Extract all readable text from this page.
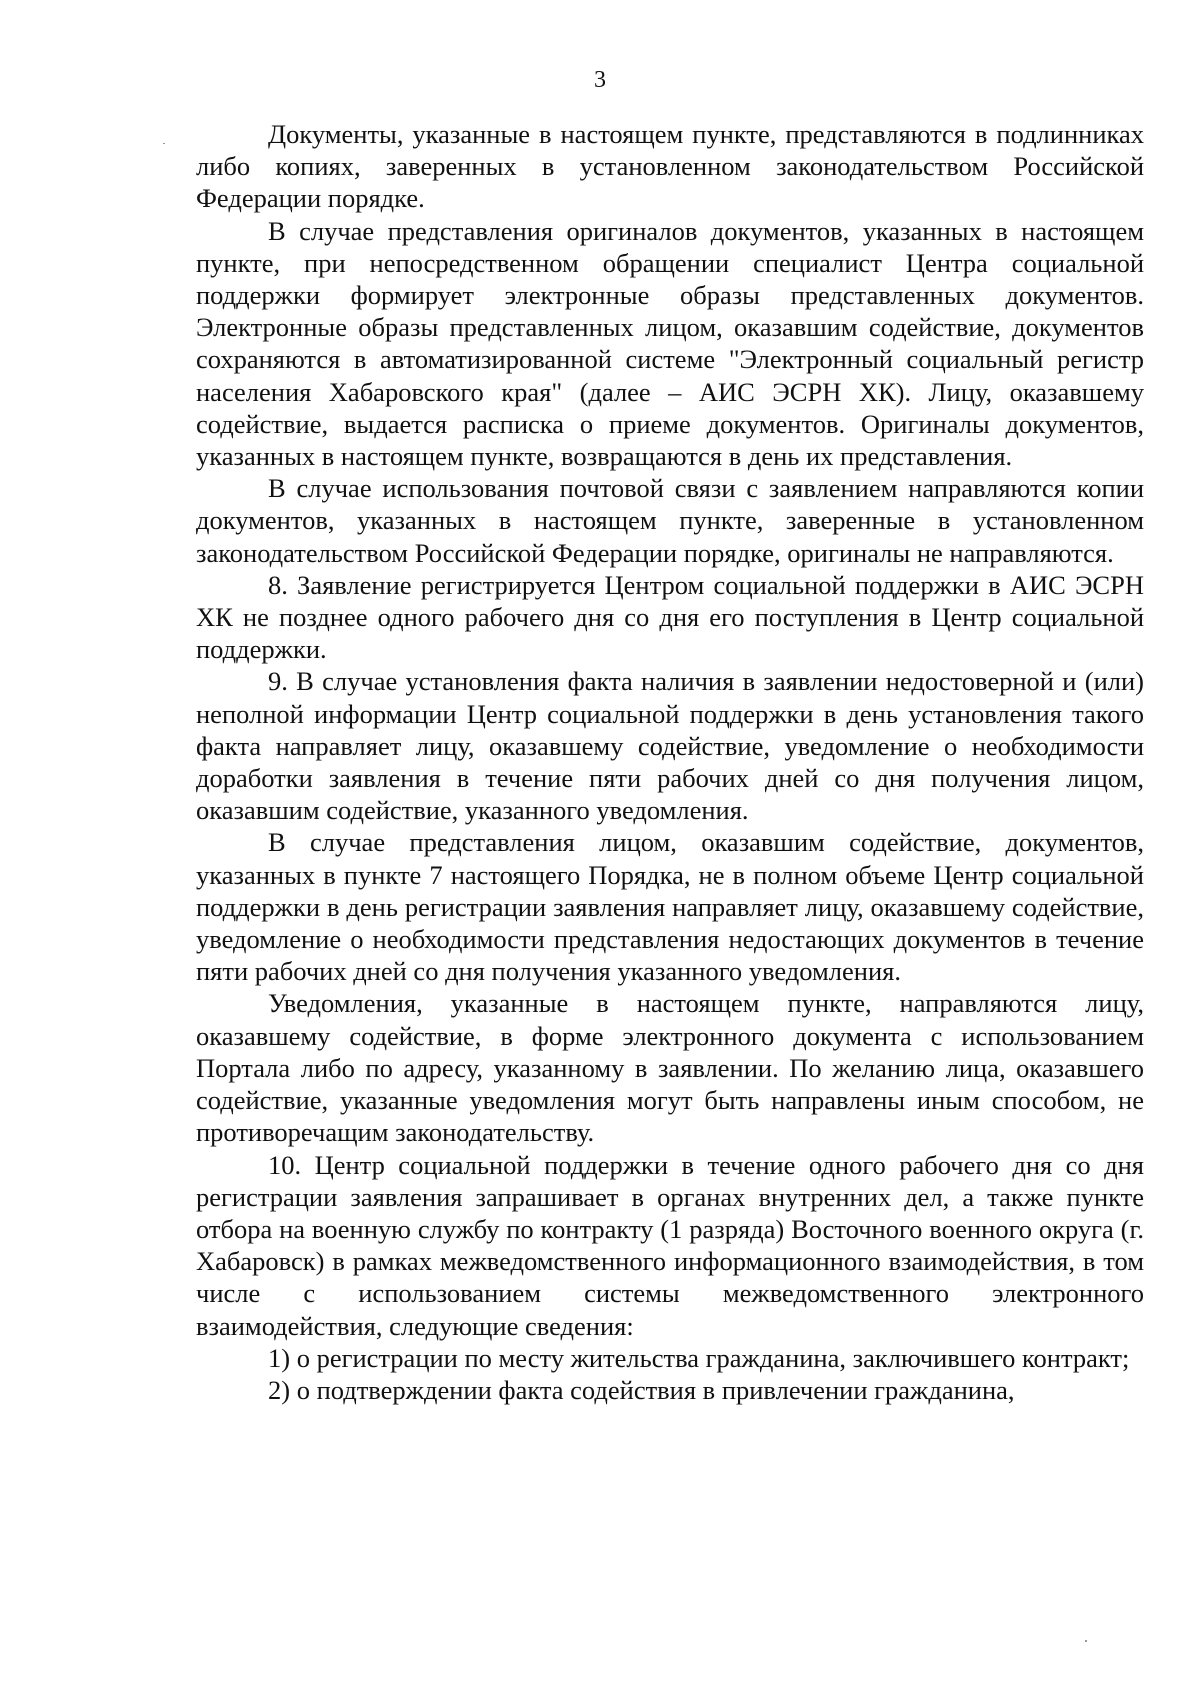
3

Документы, указанные в настоящем пункте, представляются в подлинниках либо копиях, заверенных в установленном законодательством Российской Федерации порядке.

В случае представления оригиналов документов, указанных в настоящем пункте, при непосредственном обращении специалист Центра социальной поддержки формирует электронные образы представленных документов. Электронные образы представленных лицом, оказавшим содействие, документов сохраняются в автоматизированной системе "Электронный социальный регистр населения Хабаровского края" (далее – АИС ЭСРН ХК). Лицу, оказавшему содействие, выдается расписка о приеме документов. Оригиналы документов, указанных в настоящем пункте, возвращаются в день их представления.

В случае использования почтовой связи с заявлением направляются копии документов, указанных в настоящем пункте, заверенные в установленном законодательством Российской Федерации порядке, оригиналы не направляются.

8. Заявление регистрируется Центром социальной поддержки в АИС ЭСРН ХК не позднее одного рабочего дня со дня его поступления в Центр социальной поддержки.

9. В случае установления факта наличия в заявлении недостоверной и (или) неполной информации Центр социальной поддержки в день установления такого факта направляет лицу, оказавшему содействие, уведомление о необходимости доработки заявления в течение пяти рабочих дней со дня получения лицом, оказавшим содействие, указанного уведомления.

В случае представления лицом, оказавшим содействие, документов, указанных в пункте 7 настоящего Порядка, не в полном объеме Центр социальной поддержки в день регистрации заявления направляет лицу, оказавшему содействие, уведомление о необходимости представления недостающих документов в течение пяти рабочих дней со дня получения указанного уведомления.

Уведомления, указанные в настоящем пункте, направляются лицу, оказавшему содействие, в форме электронного документа с использованием Портала либо по адресу, указанному в заявлении. По желанию лица, оказавшего содействие, указанные уведомления могут быть направлены иным способом, не противоречащим законодательству.

10. Центр социальной поддержки в течение одного рабочего дня со дня регистрации заявления запрашивает в органах внутренних дел, а также пункте отбора на военную службу по контракту (1 разряда) Восточного военного округа (г. Хабаровск) в рамках межведомственного информационного взаимодействия, в том числе с использованием системы межведомственного электронного взаимодействия, следующие сведения:

1) о регистрации по месту жительства гражданина, заключившего контракт;

2) о подтверждении факта содействия в привлечении гражданина,
